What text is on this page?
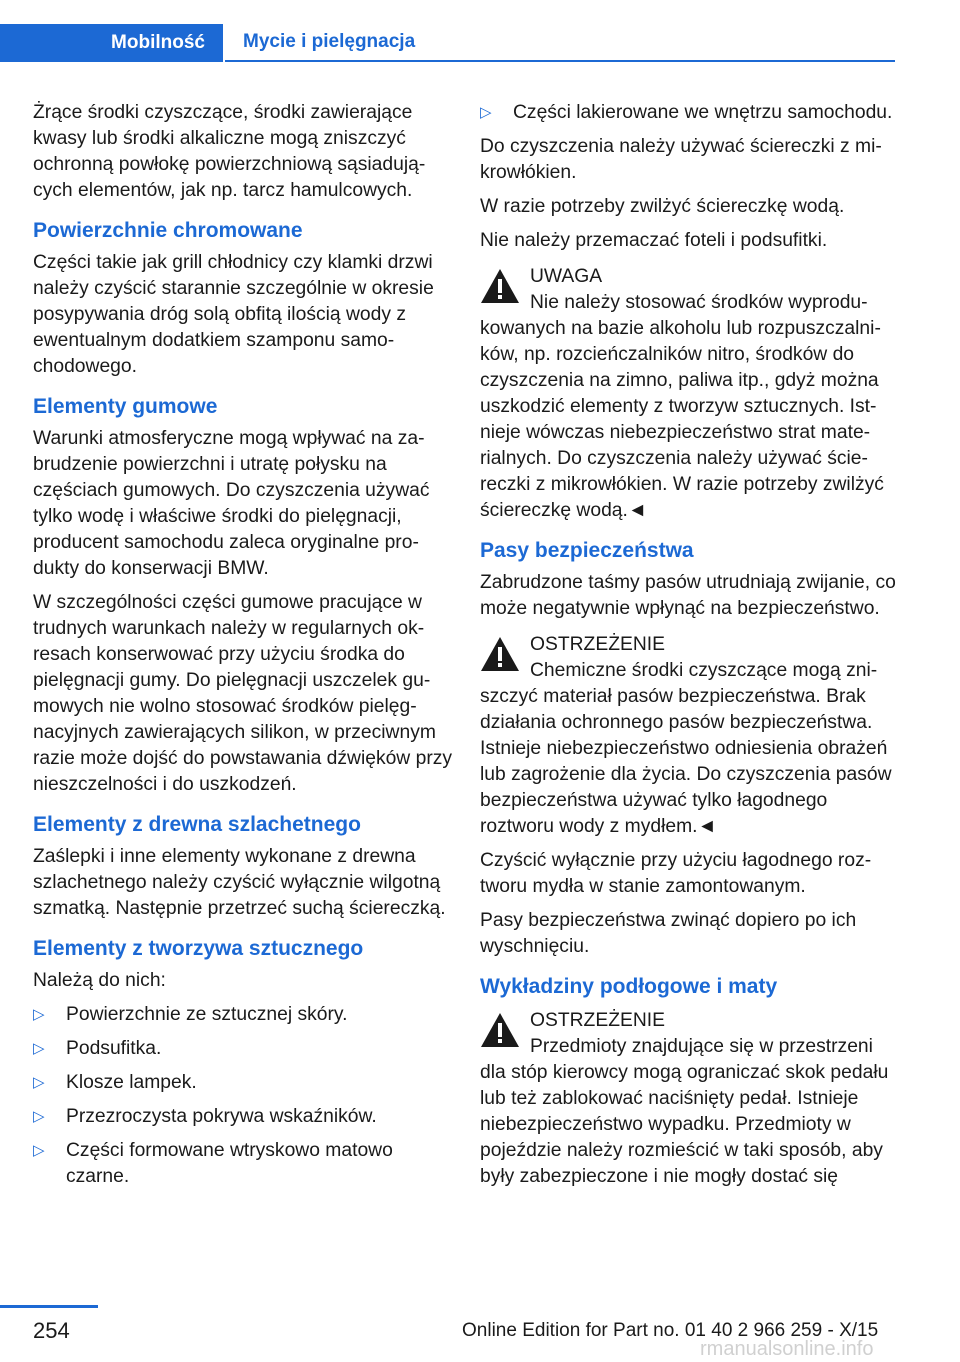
Mobilność	Mycie i pielęgnacja

Żrące środki czyszczące, środki zawierające kwasy lub środki alkaliczne mogą zniszczyć ochronną powłokę powierzchniową sąsiadujących elementów, jak np. tarcz hamulcowych.

Powierzchnie chromowane

Części takie jak grill chłodnicy czy klamki drzwi należy czyścić starannie szczególnie w okresie posypywania dróg solą obfitą ilością wody z ewentualnym dodatkiem szamponu samochodowego.

Elementy gumowe

Warunki atmosferyczne mogą wpływać na zabrudzenie powierzchni i utratę połysku na częściach gumowych. Do czyszczenia używać tylko wodę i właściwe środki do pielęgnacji, producent samochodu zaleca oryginalne produkty do konserwacji BMW.

W szczególności części gumowe pracujące w trudnych warunkach należy w regularnych okresach konserwować przy użyciu środka do pielęgnacji gumy. Do pielęgnacji uszczelek gumowych nie wolno stosować środków pielęgnacyjnych zawierających silikon, w przeciwnym razie może dojść do powstawania dźwięków przy nieszczelności i do uszkodzeń.

Elementy z drewna szlachetnego

Zaślepki i inne elementy wykonane z drewna szlachetnego należy czyścić wyłącznie wilgotną szmatką. Następnie przetrzeć suchą ściereczką.

Elementy z tworzywa sztucznego

Należą do nich:

▷	Powierzchnie ze sztucznej skóry.
▷	Podsufitka.
▷	Klosze lampek.
▷	Przezroczysta pokrywa wskaźników.
▷	Części formowane wtryskowo matowo czarne.
▷	Części lakierowane we wnętrzu samochodu.

Do czyszczenia należy używać ściereczki z mikrowłókien.

W razie potrzeby zwilżyć ściereczkę wodą.

Nie należy przemaczać foteli i podsufitki.

UWAGA

Nie należy stosować środków wyprodukowanych na bazie alkoholu lub rozpuszczalników, np. rozcieńczalników nitro, środków do czyszczenia na zimno, paliwa itp., gdyż można uszkodzić elementy z tworzyw sztucznych. Istnieje wówczas niebezpieczeństwo strat materialnych. Do czyszczenia należy używać ściereczki z mikrowłókien. W razie potrzeby zwilżyć ściereczkę wodą.◄

Pasy bezpieczeństwa

Zabrudzone taśmy pasów utrudniają zwijanie, co może negatywnie wpłynąć na bezpieczeństwo.

OSTRZEŻENIE

Chemiczne środki czyszczące mogą zniszczyć materiał pasów bezpieczeństwa. Brak działania ochronnego pasów bezpieczeństwa. Istnieje niebezpieczeństwo odniesienia obrażeń lub zagrożenie dla życia. Do czyszczenia pasów bezpieczeństwa używać tylko łagodnego roztworu wody z mydłem.◄

Czyścić wyłącznie przy użyciu łagodnego roztworu mydła w stanie zamontowanym.

Pasy bezpieczeństwa zwinąć dopiero po ich wyschnięciu.

Wykładziny podłogowe i maty
OSTRZEŻENIE

Przedmioty znajdujące się w przestrzeni dla stóp kierowcy mogą ograniczać skok pedału lub też zablokować naciśnięty pedał. Istnieje niebezpieczeństwo wypadku. Przedmioty w pojeździe należy rozmieścić w taki sposób, aby były zabezpieczone i nie mogły dostać się

254	Online Edition for Part no. 01 40 2 966 259 - X/15
rmanualsonline.info
